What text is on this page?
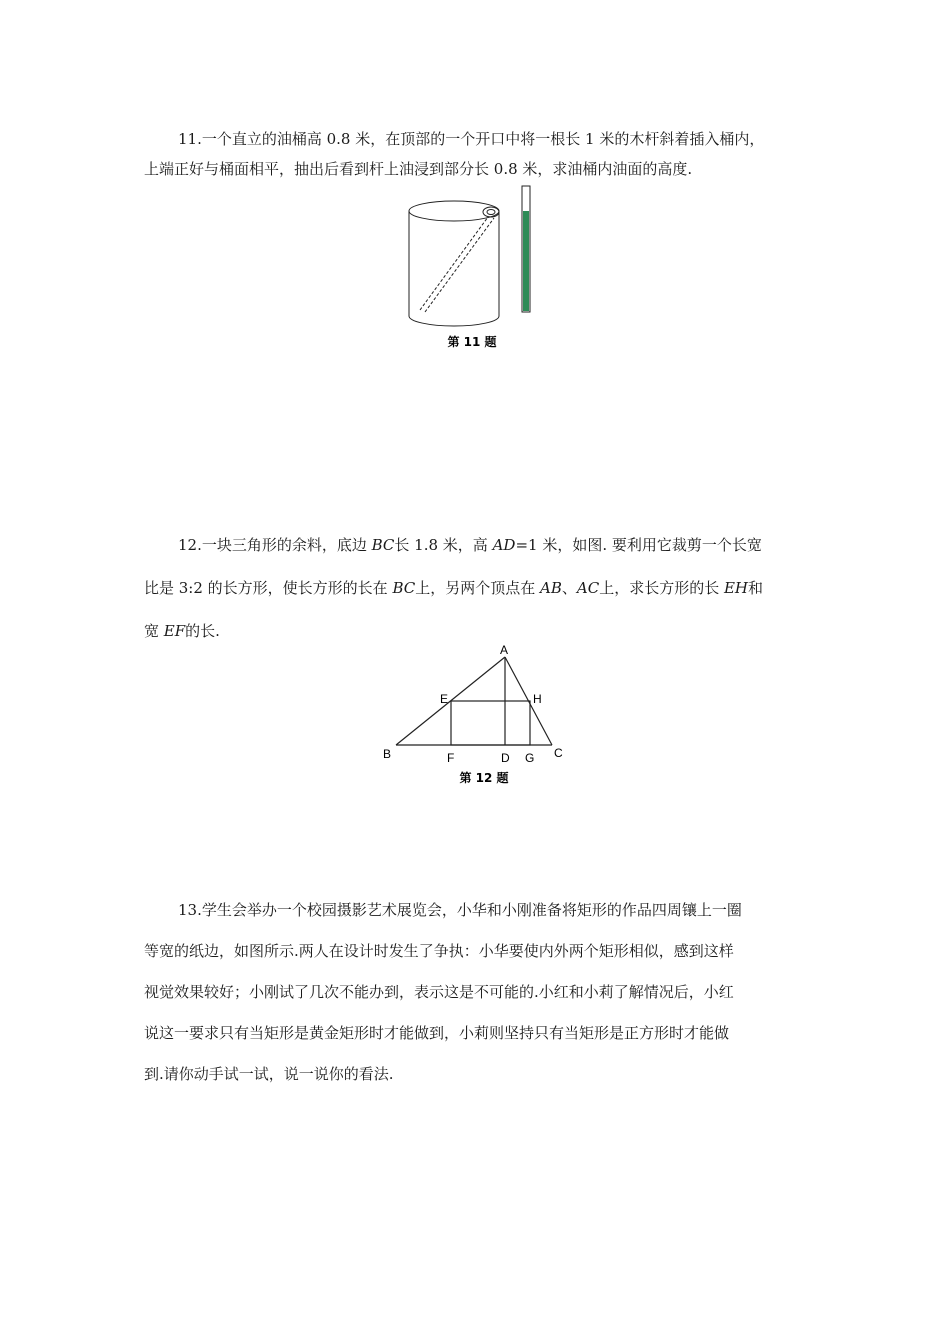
11.一个直立的油桶高 0.8 米，在顶部的一个开口中将一根长 1 米的木杆斜着插入桶内，
上端正好与桶面相平，抽出后看到杆上油浸到部分长 0.8 米，求油桶内油面的高度.
第 11 题
12.一块三角形的余料，底边 BC长 1.8 米，高 AD=1 米，如图. 要利用它裁剪一个长宽
比是 3:2 的长方形，使长方形的长在 BC上，另两个顶点在 AB、AC上，求长方形的长 EH和
宽 EF的长.
A
B	C
D
E
F	G
H
第 12 题
13.学生会举办一个校园摄影艺术展览会，小华和小刚准备将矩形的作品四周镶上一圈
等宽的纸边，如图所示.两人在设计时发生了争执：小华要使内外两个矩形相似，感到这样
视觉效果较好；小刚试了几次不能办到，表示这是不可能的.小红和小莉了解情况后，小红
说这一要求只有当矩形是黄金矩形时才能做到，小莉则坚持只有当矩形是正方形时才能做
到.请你动手试一试，说一说你的看法.
